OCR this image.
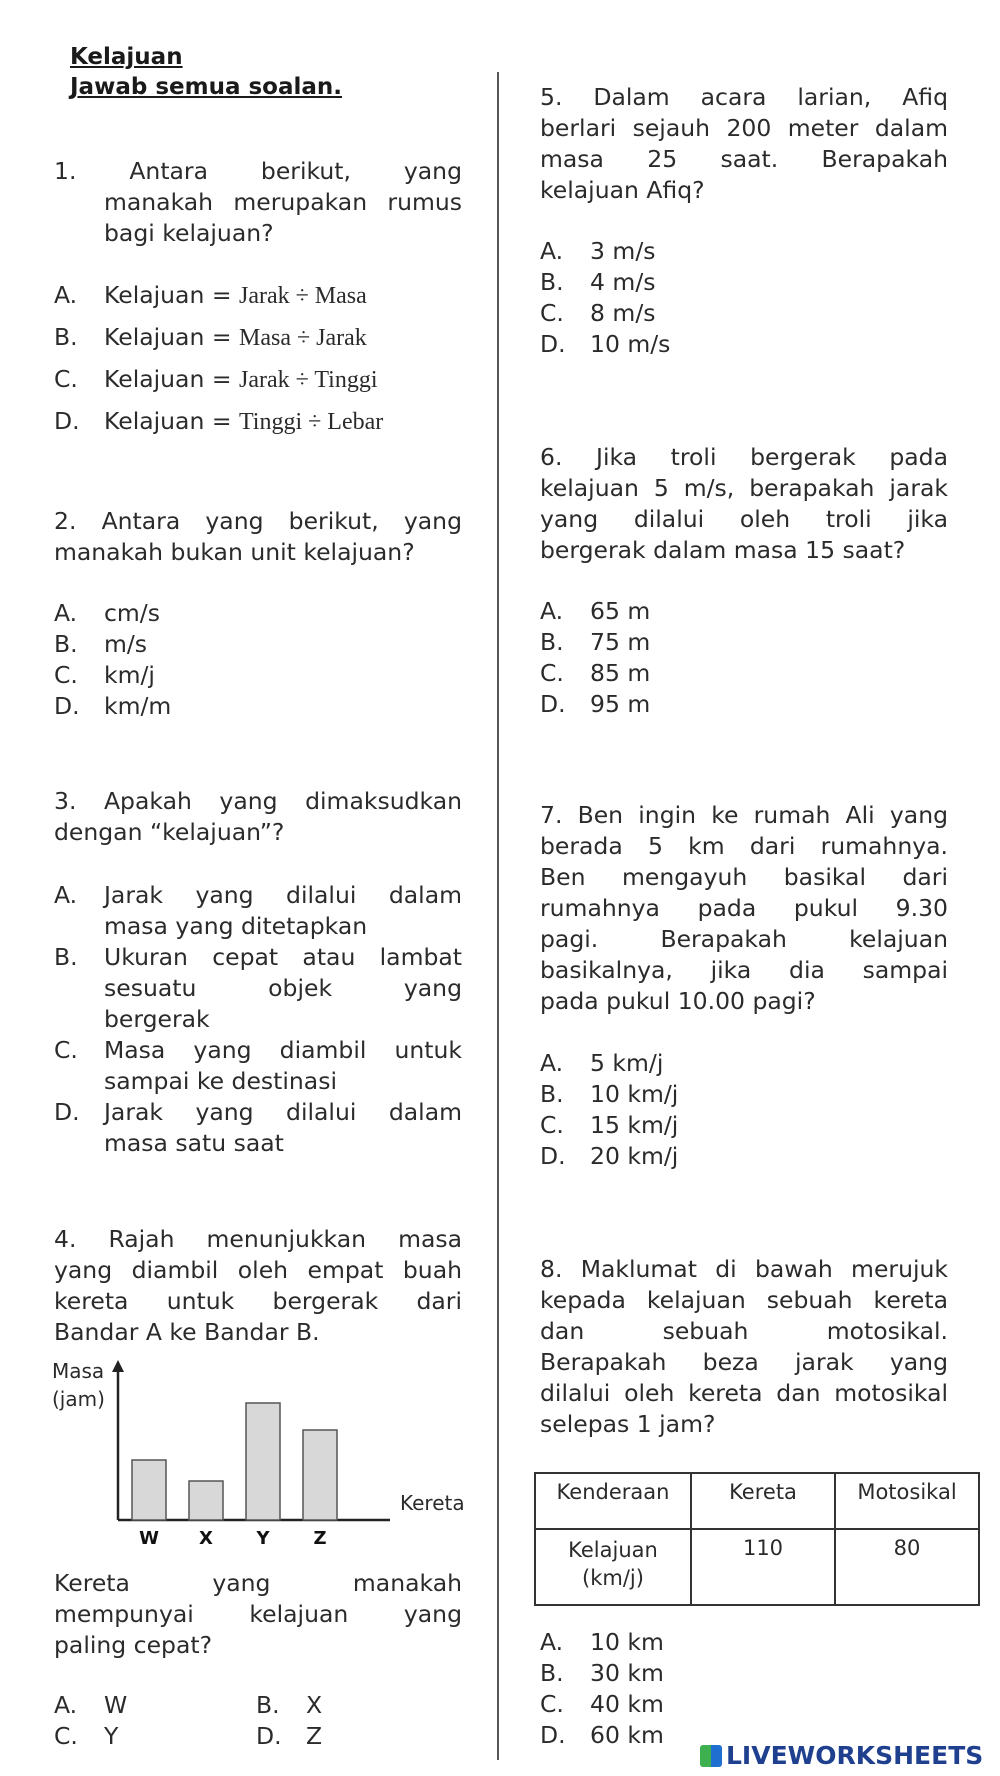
Kelajuan
Jawab semua soalan.

1. Antara berikut, yang

manakah merupakan rumus

bagi kelajuan?

A. Kelajuan = Jarak ÷ Masa
B. Kelajuan = Masa ÷ Jarak
C. Kelajuan = Jarak ÷ Tinggi
D. Kelajuan = Tinggi ÷ Lebar

2. Antara yang berikut, yang

manakah bukan unit kelajuan?

A. cm/s
B. m/s
C. km/j
D. km/m

3. Apakah yang dimaksudkan

dengan “kelajuan”?

A. Jarak yang dilalui dalam

masa yang ditetapkan

B. Ukuran cepat atau lambat

sesuatu objek yang

bergerak

C. Masa yang diambil untuk

sampai ke destinasi

D. Jarak yang dilalui dalam

masa satu saat

4. Rajah menunjukkan masa

yang diambil oleh empat buah

kereta untuk bergerak dari

Bandar A ke Bandar B.

Masa
(jam)
Kereta
W X Y Z

Kereta yang manakah

mempunyai kelajuan yang

paling cepat?

A. W	B. X
C. Y	D. Z

5. Dalam acara larian, Afiq

berlari sejauh 200 meter dalam

masa 25 saat. Berapakah

kelajuan Afiq?

A. 3 m/s
B. 4 m/s
C. 8 m/s
D. 10 m/s

6. Jika troli bergerak pada

kelajuan 5 m/s, berapakah jarak

yang dilalui oleh troli jika

bergerak dalam masa 15 saat?

A. 65 m
B. 75 m
C. 85 m
D. 95 m

7. Ben ingin ke rumah Ali yang

berada 5 km dari rumahnya.

Ben mengayuh basikal dari

rumahnya pada pukul 9.30

pagi. Berapakah kelajuan

basikalnya, jika dia sampai

pada pukul 10.00 pagi?

A. 5 km/j
B. 10 km/j
C. 15 km/j
D. 20 km/j

8. Maklumat di bawah merujuk

kepada kelajuan sebuah kereta

dan sebuah motosikal.

Berapakah beza jarak yang

dilalui oleh kereta dan motosikal

selepas 1 jam?

Kenderaan	Kereta	Motosikal
Kelajuan
(km/j)	110	80
A. 10 km
B. 30 km
C. 40 km
D. 60 km
LIVEWORKSHEETS
